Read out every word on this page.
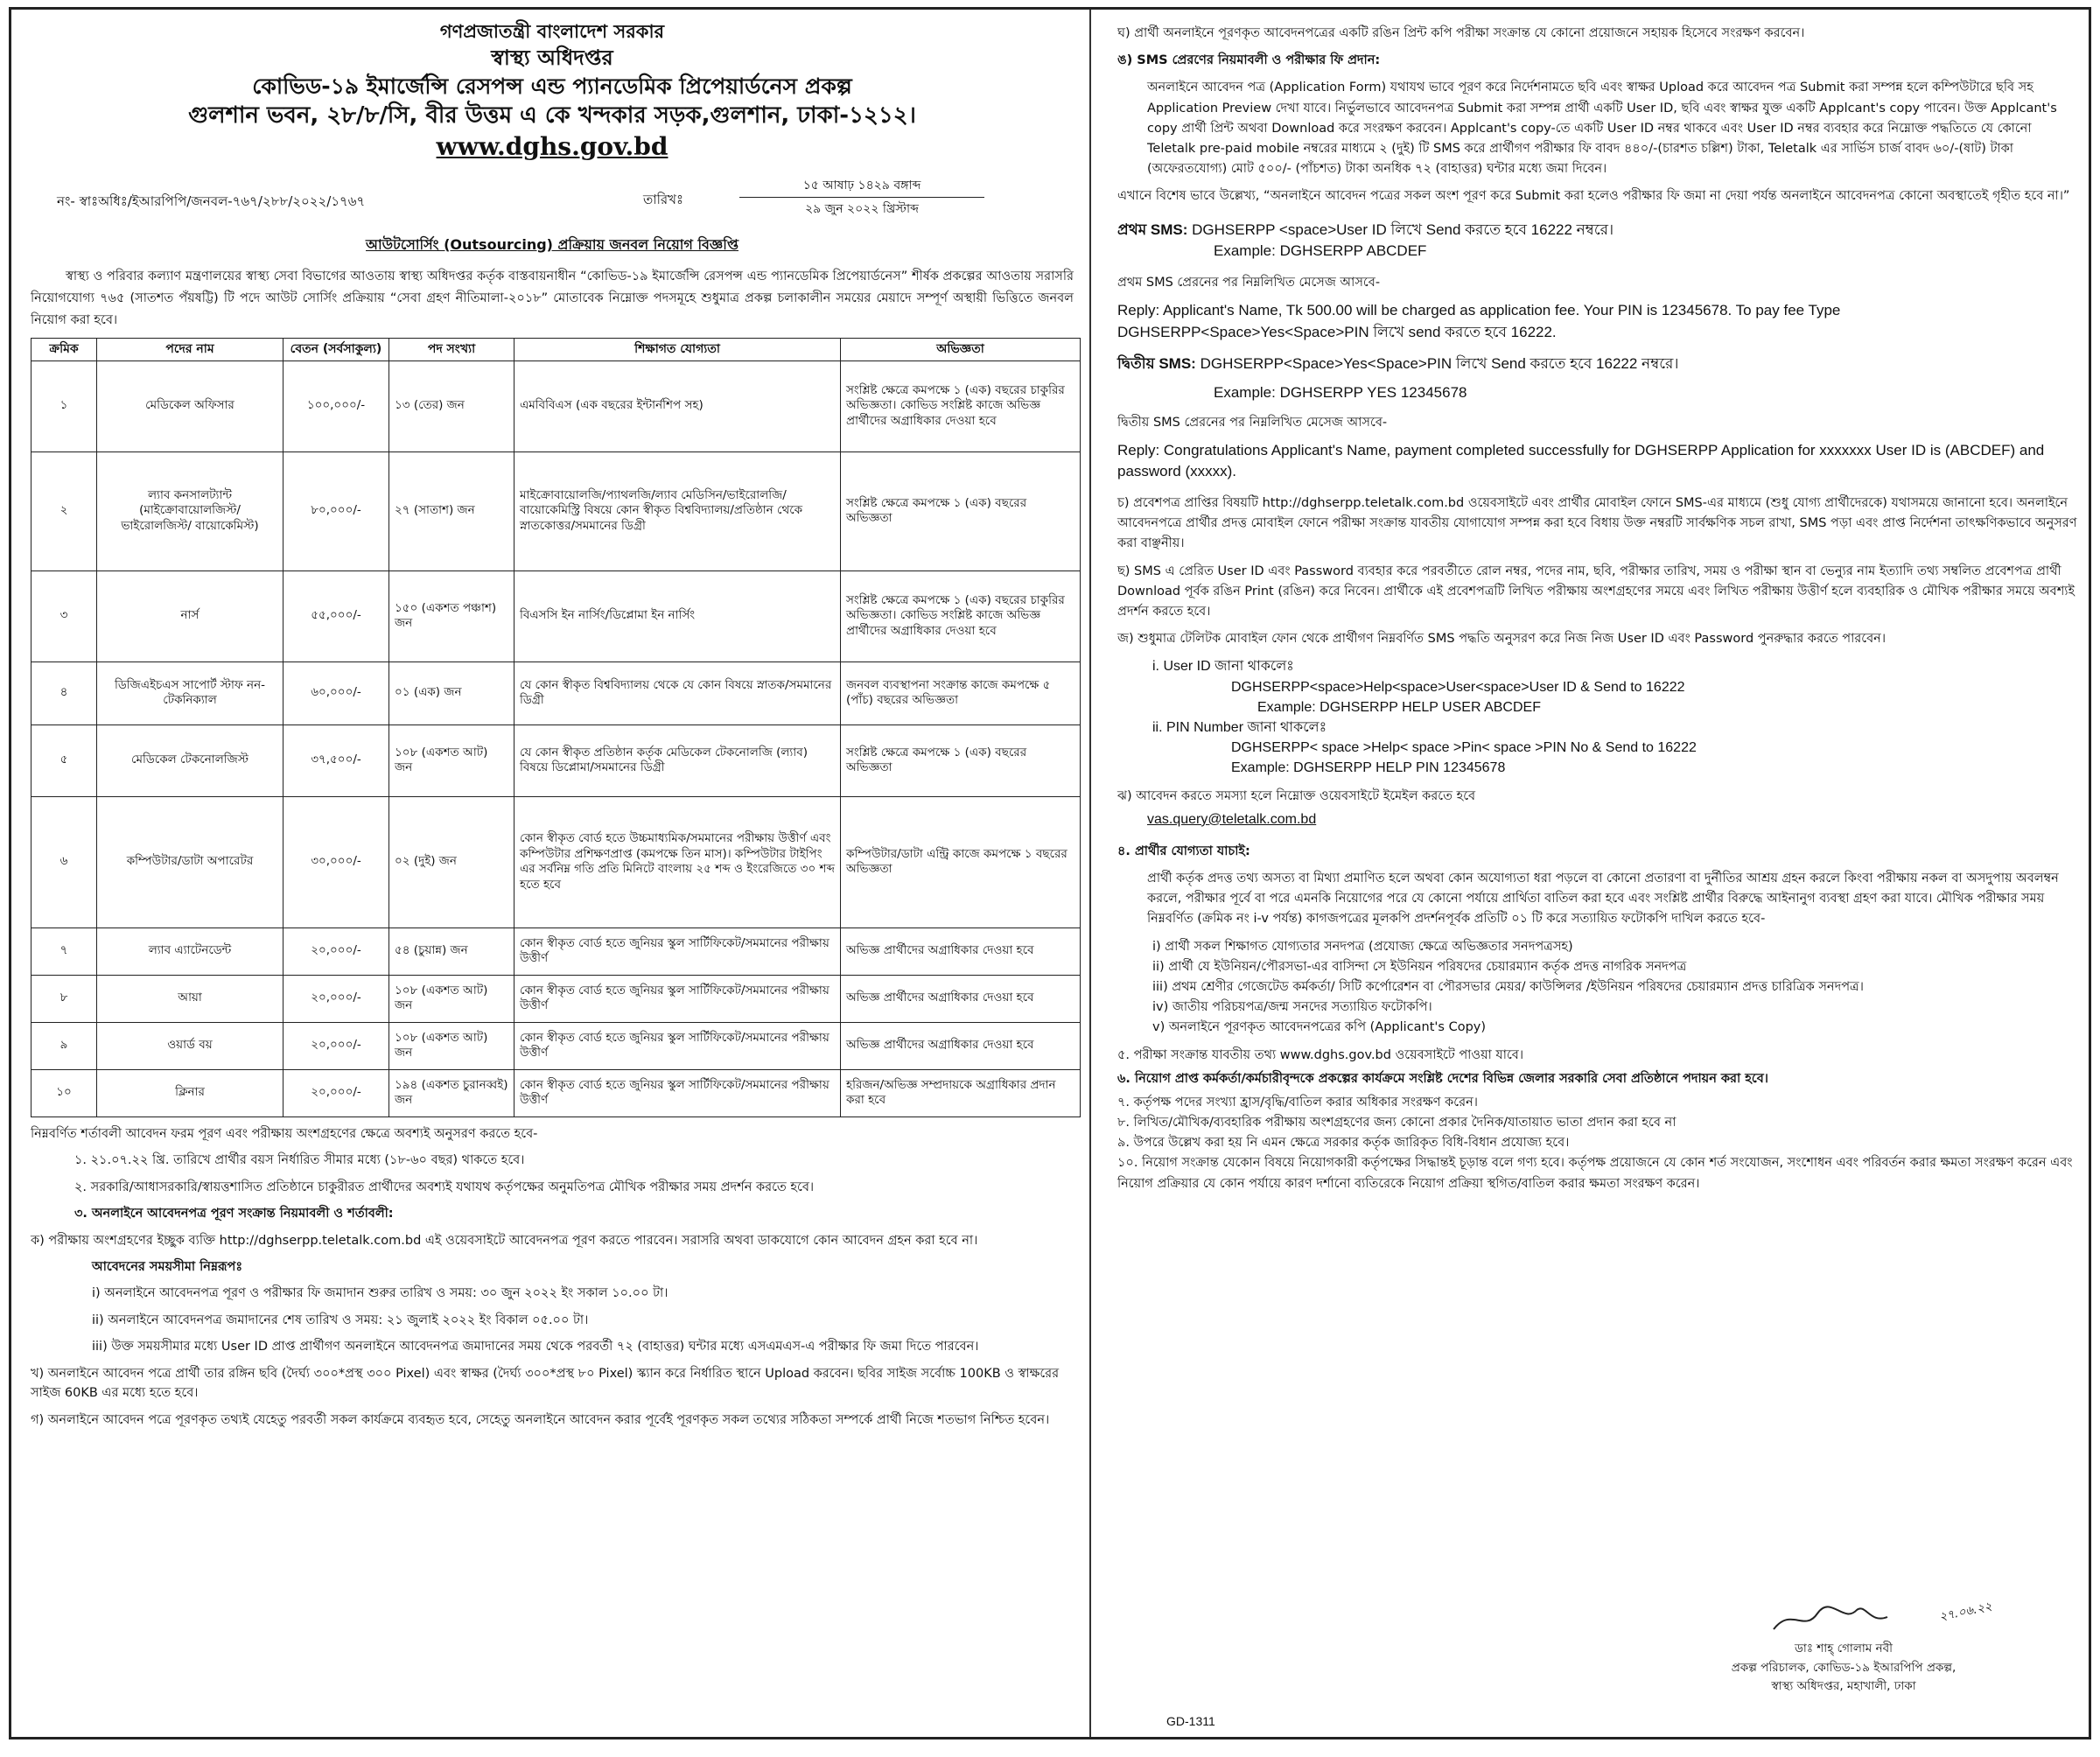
গণপ্রজাতন্ত্রী বাংলাদেশ সরকার
স্বাস্থ্য অধিদপ্তর
কোভিড-১৯ ইমার্জেন্সি রেসপন্স এন্ড প্যানডেমিক প্রিপেয়ার্ডনেস প্রকল্প
গুলশান ভবন, ২৮/৮/সি, বীর উত্তম এ কে খন্দকার সড়ক,গুলশান, ঢাকা-১২১২।
www.dghs.gov.bd
নং- স্বাঃঅধিঃ/ইআরপিপি/জনবল-৭৬৭/২৮৮/২০২২/১৭৬৭	তারিখঃ
১৫ আষাঢ় ১৪২৯ বঙ্গাব্দ
২৯ জুন ২০২২ খ্রিস্টাব্দ
আউটসোর্সিং (Outsourcing) প্রক্রিয়ায় জনবল নিয়োগ বিজ্ঞপ্তি
স্বাস্থ্য ও পরিবার কল্যাণ মন্ত্রণালয়ের স্বাস্থ্য সেবা বিভাগের আওতায় স্বাস্থ্য অধিদপ্তর কর্তৃক বাস্তবায়নাধীন “কোভিড-১৯ ইমার্জেন্সি রেসপন্স এন্ড প্যানডেমিক প্রিপেয়ার্ডনেস” শীর্ষক প্রকল্পের আওতায় সরাসরি নিয়োগযোগ্য ৭৬৫ (সাতশত পঁয়ষট্টি) টি পদে আউট সোর্সিং প্রক্রিয়ায় “সেবা গ্রহণ নীতিমালা-২০১৮” মোতাবেক নিম্নোক্ত পদসমূহে শুধুমাত্র প্রকল্প চলাকালীন সময়ের মেয়াদে সম্পূর্ণ অস্থায়ী ভিত্তিতে জনবল নিয়োগ করা হবে।
ক্রমিক	পদের নাম	বেতন (সর্বসাকুল্য)	পদ সংখ্যা	শিক্ষাগত যোগ্যতা	অভিজ্ঞতা
১	মেডিকেল অফিসার	১০০,০০০/-	১৩ (তের) জন	এমবিবিএস (এক বছরের ইন্টার্নশিপ সহ)	সংশ্লিষ্ট ক্ষেত্রে কমপক্ষে ১ (এক) বছরের চাকুরির অভিজ্ঞতা। কোভিড সংশ্লিষ্ট কাজে অভিজ্ঞ প্রার্থীদের অগ্রাধিকার দেওয়া হবে
২	ল্যাব কনসালট্যান্ট (মাইক্রোবায়োলজিস্ট/ ভাইরোলজিস্ট/ বায়োকেমিস্ট)	৮০,০০০/-	২৭ (সাতাশ) জন	মাইক্রোবায়োলজি/প্যাথলজি/ল্যাব মেডিসিন/ভাইরোলজি/বায়োকেমিস্ট্রি বিষয়ে কোন স্বীকৃত বিশ্ববিদ্যালয়/প্রতিষ্ঠান থেকে স্নাতকোত্তর/সমমানের ডিগ্রী	সংশ্লিষ্ট ক্ষেত্রে কমপক্ষে ১ (এক) বছরের অভিজ্ঞতা
৩	নার্স	৫৫,০০০/-	১৫০ (একশত পঞ্চাশ) জন	বিএসসি ইন নার্সিং/ডিপ্লোমা ইন নার্সিং	সংশ্লিষ্ট ক্ষেত্রে কমপক্ষে ১ (এক) বছরের চাকুরির অভিজ্ঞতা। কোভিড সংশ্লিষ্ট কাজে অভিজ্ঞ প্রার্থীদের অগ্রাধিকার দেওয়া হবে
৪	ডিজিএইচএস সাপোর্ট স্টাফ নন-টেকনিক্যাল	৬০,০০০/-	০১ (এক) জন	যে কোন স্বীকৃত বিশ্ববিদ্যালয় থেকে যে কোন বিষয়ে স্নাতক/সমমানের ডিগ্রী	জনবল ব্যবস্থাপনা সংক্রান্ত কাজে কমপক্ষে ৫ (পাঁচ) বছরের অভিজ্ঞতা
৫	মেডিকেল টেকনোলজিস্ট	৩৭,৫০০/-	১০৮ (একশত আট) জন	যে কোন স্বীকৃত প্রতিষ্ঠান কর্তৃক মেডিকেল টেকনোলজি (ল্যাব) বিষয়ে ডিপ্লোমা/সমমানের ডিগ্রী	সংশ্লিষ্ট ক্ষেত্রে কমপক্ষে ১ (এক) বছরের অভিজ্ঞতা
৬	কম্পিউটার/ডাটা অপারেটর	৩০,০০০/-	০২ (দুই) জন	কোন স্বীকৃত বোর্ড হতে উচ্চমাধ্যমিক/সমমানের পরীক্ষায় উত্তীর্ণ এবং কম্পিউটার প্রশিক্ষণপ্রাপ্ত (কমপক্ষে তিন মাস)। কম্পিউটার টাইপিং এর সর্বনিম্ন গতি প্রতি মিনিটে বাংলায় ২৫ শব্দ ও ইংরেজিতে ৩০ শব্দ হতে হবে	কম্পিউটার/ডাটা এন্ট্রি কাজে কমপক্ষে ১ বছরের অভিজ্ঞতা
৭	ল্যাব এ্যাটেনডেন্ট	২০,০০০/-	৫৪ (চুয়ান্ন) জন	কোন স্বীকৃত বোর্ড হতে জুনিয়র স্কুল সার্টিফিকেট/সমমানের পরীক্ষায় উত্তীর্ণ	অভিজ্ঞ প্রার্থীদের অগ্রাধিকার দেওয়া হবে
৮	আয়া	২০,০০০/-	১০৮ (একশত আট) জন	কোন স্বীকৃত বোর্ড হতে জুনিয়র স্কুল সার্টিফিকেট/সমমানের পরীক্ষায় উত্তীর্ণ	অভিজ্ঞ প্রার্থীদের অগ্রাধিকার দেওয়া হবে
৯	ওয়ার্ড বয়	২০,০০০/-	১০৮ (একশত আট) জন	কোন স্বীকৃত বোর্ড হতে জুনিয়র স্কুল সার্টিফিকেট/সমমানের পরীক্ষায় উত্তীর্ণ	অভিজ্ঞ প্রার্থীদের অগ্রাধিকার দেওয়া হবে
১০	ক্লিনার	২০,০০০/-	১৯৪ (একশত চুরানব্বই) জন	কোন স্বীকৃত বোর্ড হতে জুনিয়র স্কুল সার্টিফিকেট/সমমানের পরীক্ষায় উত্তীর্ণ	হরিজন/অভিজ্ঞ সম্প্রদায়কে অগ্রাধিকার প্রদান করা হবে
নিম্নবর্ণিত শর্তাবলী আবেদন ফরম পূরণ এবং পরীক্ষায় অংশগ্রহণের ক্ষেত্রে অবশ্যই অনুসরণ করতে হবে-
১. ২১.০৭.২২ খ্রি. তারিখে প্রার্থীর বয়স নির্ধারিত সীমার মধ্যে (১৮-৬০ বছর) থাকতে হবে।
২. সরকারি/আধাসরকারি/স্বায়ত্তশাসিত প্রতিষ্ঠানে চাকুরীরত প্রার্থীদের অবশ্যই যথাযথ কর্তৃপক্ষের অনুমতিপত্র মৌখিক পরীক্ষার সময় প্রদর্শন করতে হবে।
৩. অনলাইনে আবেদনপত্র পূরণ সংক্রান্ত নিয়মাবলী ও শর্তাবলী:
ক) পরীক্ষায় অংশগ্রহণের ইচ্ছুক ব্যক্তি http://dghserpp.teletalk.com.bd এই ওয়েবসাইটে আবেদনপত্র পূরণ করতে পারবেন। সরাসরি অথবা ডাকযোগে কোন আবেদন গ্রহন করা হবে না।
আবেদনের সময়সীমা নিম্নরূপঃ
i) অনলাইনে আবেদনপত্র পূরণ ও পরীক্ষার ফি জমাদান শুরুর তারিখ ও সময়: ৩০ জুন ২০২২ ইং সকাল ১০.০০ টা।
ii) অনলাইনে আবেদনপত্র জমাদানের শেষ তারিখ ও সময়: ২১ জুলাই ২০২২ ইং বিকাল ০৫.০০ টা।
iii) উক্ত সময়সীমার মধ্যে User ID প্রাপ্ত প্রার্থীগণ অনলাইনে আবেদনপত্র জমাদানের সময় থেকে পরবর্তী ৭২ (বাহাত্তর) ঘন্টার মধ্যে এসএমএস-এ পরীক্ষার ফি জমা দিতে পারবেন।
খ) অনলাইনে আবেদন পত্রে প্রার্থী তার রঙ্গিন ছবি (দৈর্ঘ্য ৩০০*প্রস্থ ৩০০ Pixel) এবং স্বাক্ষর (দৈর্ঘ্য ৩০০*প্রস্থ ৮০ Pixel) স্ক্যান করে নির্ধারিত স্থানে Upload করবেন। ছবির সাইজ সর্বোচ্চ 100KB ও স্বাক্ষরের সাইজ 60KB এর মধ্যে হতে হবে।
গ) অনলাইনে আবেদন পত্রে পূরণকৃত তথ্যই যেহেতু পরবর্তী সকল কার্যক্রমে ব্যবহৃত হবে, সেহেতু অনলাইনে আবেদন করার পূর্বেই পূরণকৃত সকল তথ্যের সঠিকতা সম্পর্কে প্রার্থী নিজে শতভাগ নিশ্চিত হবেন।
ঘ) প্রার্থী অনলাইনে পূরণকৃত আবেদনপত্রের একটি রঙিন প্রিন্ট কপি পরীক্ষা সংক্রান্ত যে কোনো প্রয়োজনে সহায়ক হিসেবে সংরক্ষণ করবেন।
ঙ) SMS প্রেরণের নিয়মাবলী ও পরীক্ষার ফি প্রদান:
অনলাইনে আবেদন পত্র (Application Form) যথাযথ ভাবে পূরণ করে নির্দেশনামতে ছবি এবং স্বাক্ষর Upload করে আবেদন পত্র Submit করা সম্পন্ন হলে কম্পিউটারে ছবি সহ Application Preview দেখা যাবে। নির্ভুলভাবে আবেদনপত্র Submit করা সম্পন্ন প্রার্থী একটি User ID, ছবি এবং স্বাক্ষর যুক্ত একটি Applcant's copy পাবেন। উক্ত Applcant's copy প্রার্থী প্রিন্ট অথবা Download করে সংরক্ষণ করবেন। Applcant's copy-তে একটি User ID নম্বর থাকবে এবং User ID নম্বর ব্যবহার করে নিম্নোক্ত পদ্ধতিতে যে কোনো Teletalk pre-paid mobile নম্বরের মাধ্যমে ২ (দুই) টি SMS করে প্রার্থীগণ পরীক্ষার ফি বাবদ ৪৪০/-(চারশত চল্লিশ) টাকা, Teletalk এর সার্ভিস চার্জ বাবদ ৬০/-(ষাট) টাকা (অফেরতযোগ্য) মোট ৫০০/- (পাঁচশত) টাকা অনধিক ৭২ (বাহাত্তর) ঘন্টার মধ্যে জমা দিবেন।
এখানে বিশেষ ভাবে উল্লেখ্য, “অনলাইনে আবেদন পত্রের সকল অংশ পূরণ করে Submit করা হলেও পরীক্ষার ফি জমা না দেয়া পর্যন্ত অনলাইনে আবেদনপত্র কোনো অবস্থাতেই গৃহীত হবে না।”
প্রথম SMS: DGHSERPP <space>User ID লিখে Send করতে হবে 16222 নম্বরে।
Example: DGHSERPP ABCDEF
প্রথম SMS প্রেরনের পর নিম্নলিখিত মেসেজ আসবে-
Reply: Applicant's Name, Tk 500.00 will be charged as application fee. Your PIN is 12345678. To pay fee Type DGHSERPP<Space>Yes<Space>PIN লিখে send করতে হবে 16222.
দ্বিতীয় SMS: DGHSERPP<Space>Yes<Space>PIN লিখে Send করতে হবে 16222 নম্বরে।
Example: DGHSERPP YES 12345678
দ্বিতীয় SMS প্রেরনের পর নিম্নলিখিত মেসেজ আসবে-
Reply: Congratulations Applicant's Name, payment completed successfully for DGHSERPP Application for xxxxxxx User ID is (ABCDEF) and password (xxxxx).
চ) প্রবেশপত্র প্রাপ্তির বিষয়টি http://dghserpp.teletalk.com.bd ওয়েবসাইটে এবং প্রার্থীর মোবাইল ফোনে SMS-এর মাধ্যমে (শুধু যোগ্য প্রার্থীদেরকে) যথাসময়ে জানানো হবে। অনলাইনে আবেদনপত্রে প্রার্থীর প্রদত্ত মোবাইল ফোনে পরীক্ষা সংক্রান্ত যাবতীয় যোগাযোগ সম্পন্ন করা হবে বিধায় উক্ত নম্বরটি সার্বক্ষণিক সচল রাখা, SMS পড়া এবং প্রাপ্ত নির্দেশনা তাৎক্ষণিকভাবে অনুসরণ করা বাঞ্ছনীয়।
ছ) SMS এ প্রেরিত User ID এবং Password ব্যবহার করে পরবর্তীতে রোল নম্বর, পদের নাম, ছবি, পরীক্ষার তারিখ, সময় ও পরীক্ষা স্থান বা ভেন্যুর নাম ইত্যাদি তথ্য সম্বলিত প্রবেশপত্র প্রার্থী Download পূর্বক রঙিন Print (রঙিন) করে নিবেন। প্রার্থীকে এই প্রবেশপত্রটি লিখিত পরীক্ষায় অংশগ্রহণের সময়ে এবং লিখিত পরীক্ষায় উত্তীর্ণ হলে ব্যবহারিক ও মৌখিক পরীক্ষার সময়ে অবশ্যই প্রদর্শন করতে হবে।
জ) শুধুমাত্র টেলিটক মোবাইল ফোন থেকে প্রার্থীগণ নিম্নবর্ণিত SMS পদ্ধতি অনুসরণ করে নিজ নিজ User ID এবং Password পুনরুদ্ধার করতে পারবেন।
i. User ID জানা থাকলেঃ
DGHSERPP<space>Help<space>User<space>User ID & Send to 16222
Example: DGHSERPP HELP USER ABCDEF
ii. PIN Number জানা থাকলেঃ
DGHSERPP< space >Help< space >Pin< space >PIN No & Send to 16222
Example: DGHSERPP HELP PIN 12345678
ঝ) আবেদন করতে সমস্যা হলে নিম্নোক্ত ওয়েবসাইটে ইমেইল করতে হবে
vas.query@teletalk.com.bd
৪. প্রার্থীর যোগ্যতা যাচাই:
প্রার্থী কর্তৃক প্রদত্ত তথ্য অসত্য বা মিথ্যা প্রমাণিত হলে অথবা কোন অযোগ্যতা ধরা পড়লে বা কোনো প্রতারণা বা দুর্নীতির আশ্রয় গ্রহন করলে কিংবা পরীক্ষায় নকল বা অসদুপায় অবলম্বন করলে, পরীক্ষার পূর্বে বা পরে এমনকি নিয়োগের পরে যে কোনো পর্যায়ে প্রার্থিতা বাতিল করা হবে এবং সংশ্লিষ্ট প্রার্থীর বিরুদ্ধে আইনানুগ ব্যবস্থা গ্রহণ করা যাবে। মৌখিক পরীক্ষার সময় নিম্নবর্ণিত (ক্রমিক নং i-v পর্যন্ত) কাগজপত্রের মূলকপি প্রদর্শনপূর্বক প্রতিটি ০১ টি করে সত্যায়িত ফটোকপি দাখিল করতে হবে-
i) প্রার্থী সকল শিক্ষাগত যোগ্যতার সনদপত্র (প্রযোজ্য ক্ষেত্রে অভিজ্ঞতার সনদপত্রসহ)
ii) প্রার্থী যে ইউনিয়ন/পৌরসভা-এর বাসিন্দা সে ইউনিয়ন পরিষদের চেয়ারম্যান কর্তৃক প্রদত্ত নাগরিক সনদপত্র
iii) প্রথম শ্রেণীর গেজেটেড কর্মকর্তা/ সিটি কর্পোরেশন বা পৌরসভার মেয়র/ কাউন্সিলর /ইউনিয়ন পরিষদের চেয়ারম্যান প্রদত্ত চারিত্রিক সনদপত্র।
iv) জাতীয় পরিচয়পত্র/জন্ম সনদের সত্যায়িত ফটোকপি।
v) অনলাইনে পূরণকৃত আবেদনপত্রের কপি (Applicant's Copy)
৫. পরীক্ষা সংক্রান্ত যাবতীয় তথ্য www.dghs.gov.bd ওয়েবসাইটে পাওয়া যাবে।
৬. নিয়োগ প্রাপ্ত কর্মকর্তা/কর্মচারীবৃন্দকে প্রকল্পের কার্যক্রমে সংশ্লিষ্ট দেশের বিভিন্ন জেলার সরকারি সেবা প্রতিষ্ঠানে পদায়ন করা হবে।
৭. কর্তৃপক্ষ পদের সংখ্যা হ্রাস/বৃদ্ধি/বাতিল করার অধিকার সংরক্ষণ করেন।
৮. লিখিত/মৌখিক/ব্যবহারিক পরীক্ষায় অংশগ্রহণের জন্য কোনো প্রকার দৈনিক/যাতায়াত ভাতা প্রদান করা হবে না
৯. উপরে উল্লেখ করা হয় নি এমন ক্ষেত্রে সরকার কর্তৃক জারিকৃত বিধি-বিধান প্রযোজ্য হবে।
১০. নিয়োগ সংক্রান্ত যেকোন বিষয়ে নিয়োগকারী কর্তৃপক্ষের সিদ্ধান্তই চূড়ান্ত বলে গণ্য হবে। কর্তৃপক্ষ প্রয়োজনে যে কোন শর্ত সংযোজন, সংশোধন এবং পরিবর্তন করার ক্ষমতা সংরক্ষণ করেন এবং নিয়োগ প্রক্রিয়ার যে কোন পর্যায়ে কারণ দর্শানো ব্যতিরেকে নিয়োগ প্রক্রিয়া স্থগিত/বাতিল করার ক্ষমতা সংরক্ষণ করেন।
২৭.০৬.২২
ডাঃ শাহ্ গোলাম নবী
প্রকল্প পরিচালক, কোভিড-১৯ ইআরপিপি প্রকল্প,
স্বাস্থ্য অধিদপ্তর, মহাখালী, ঢাকা
GD-1311
